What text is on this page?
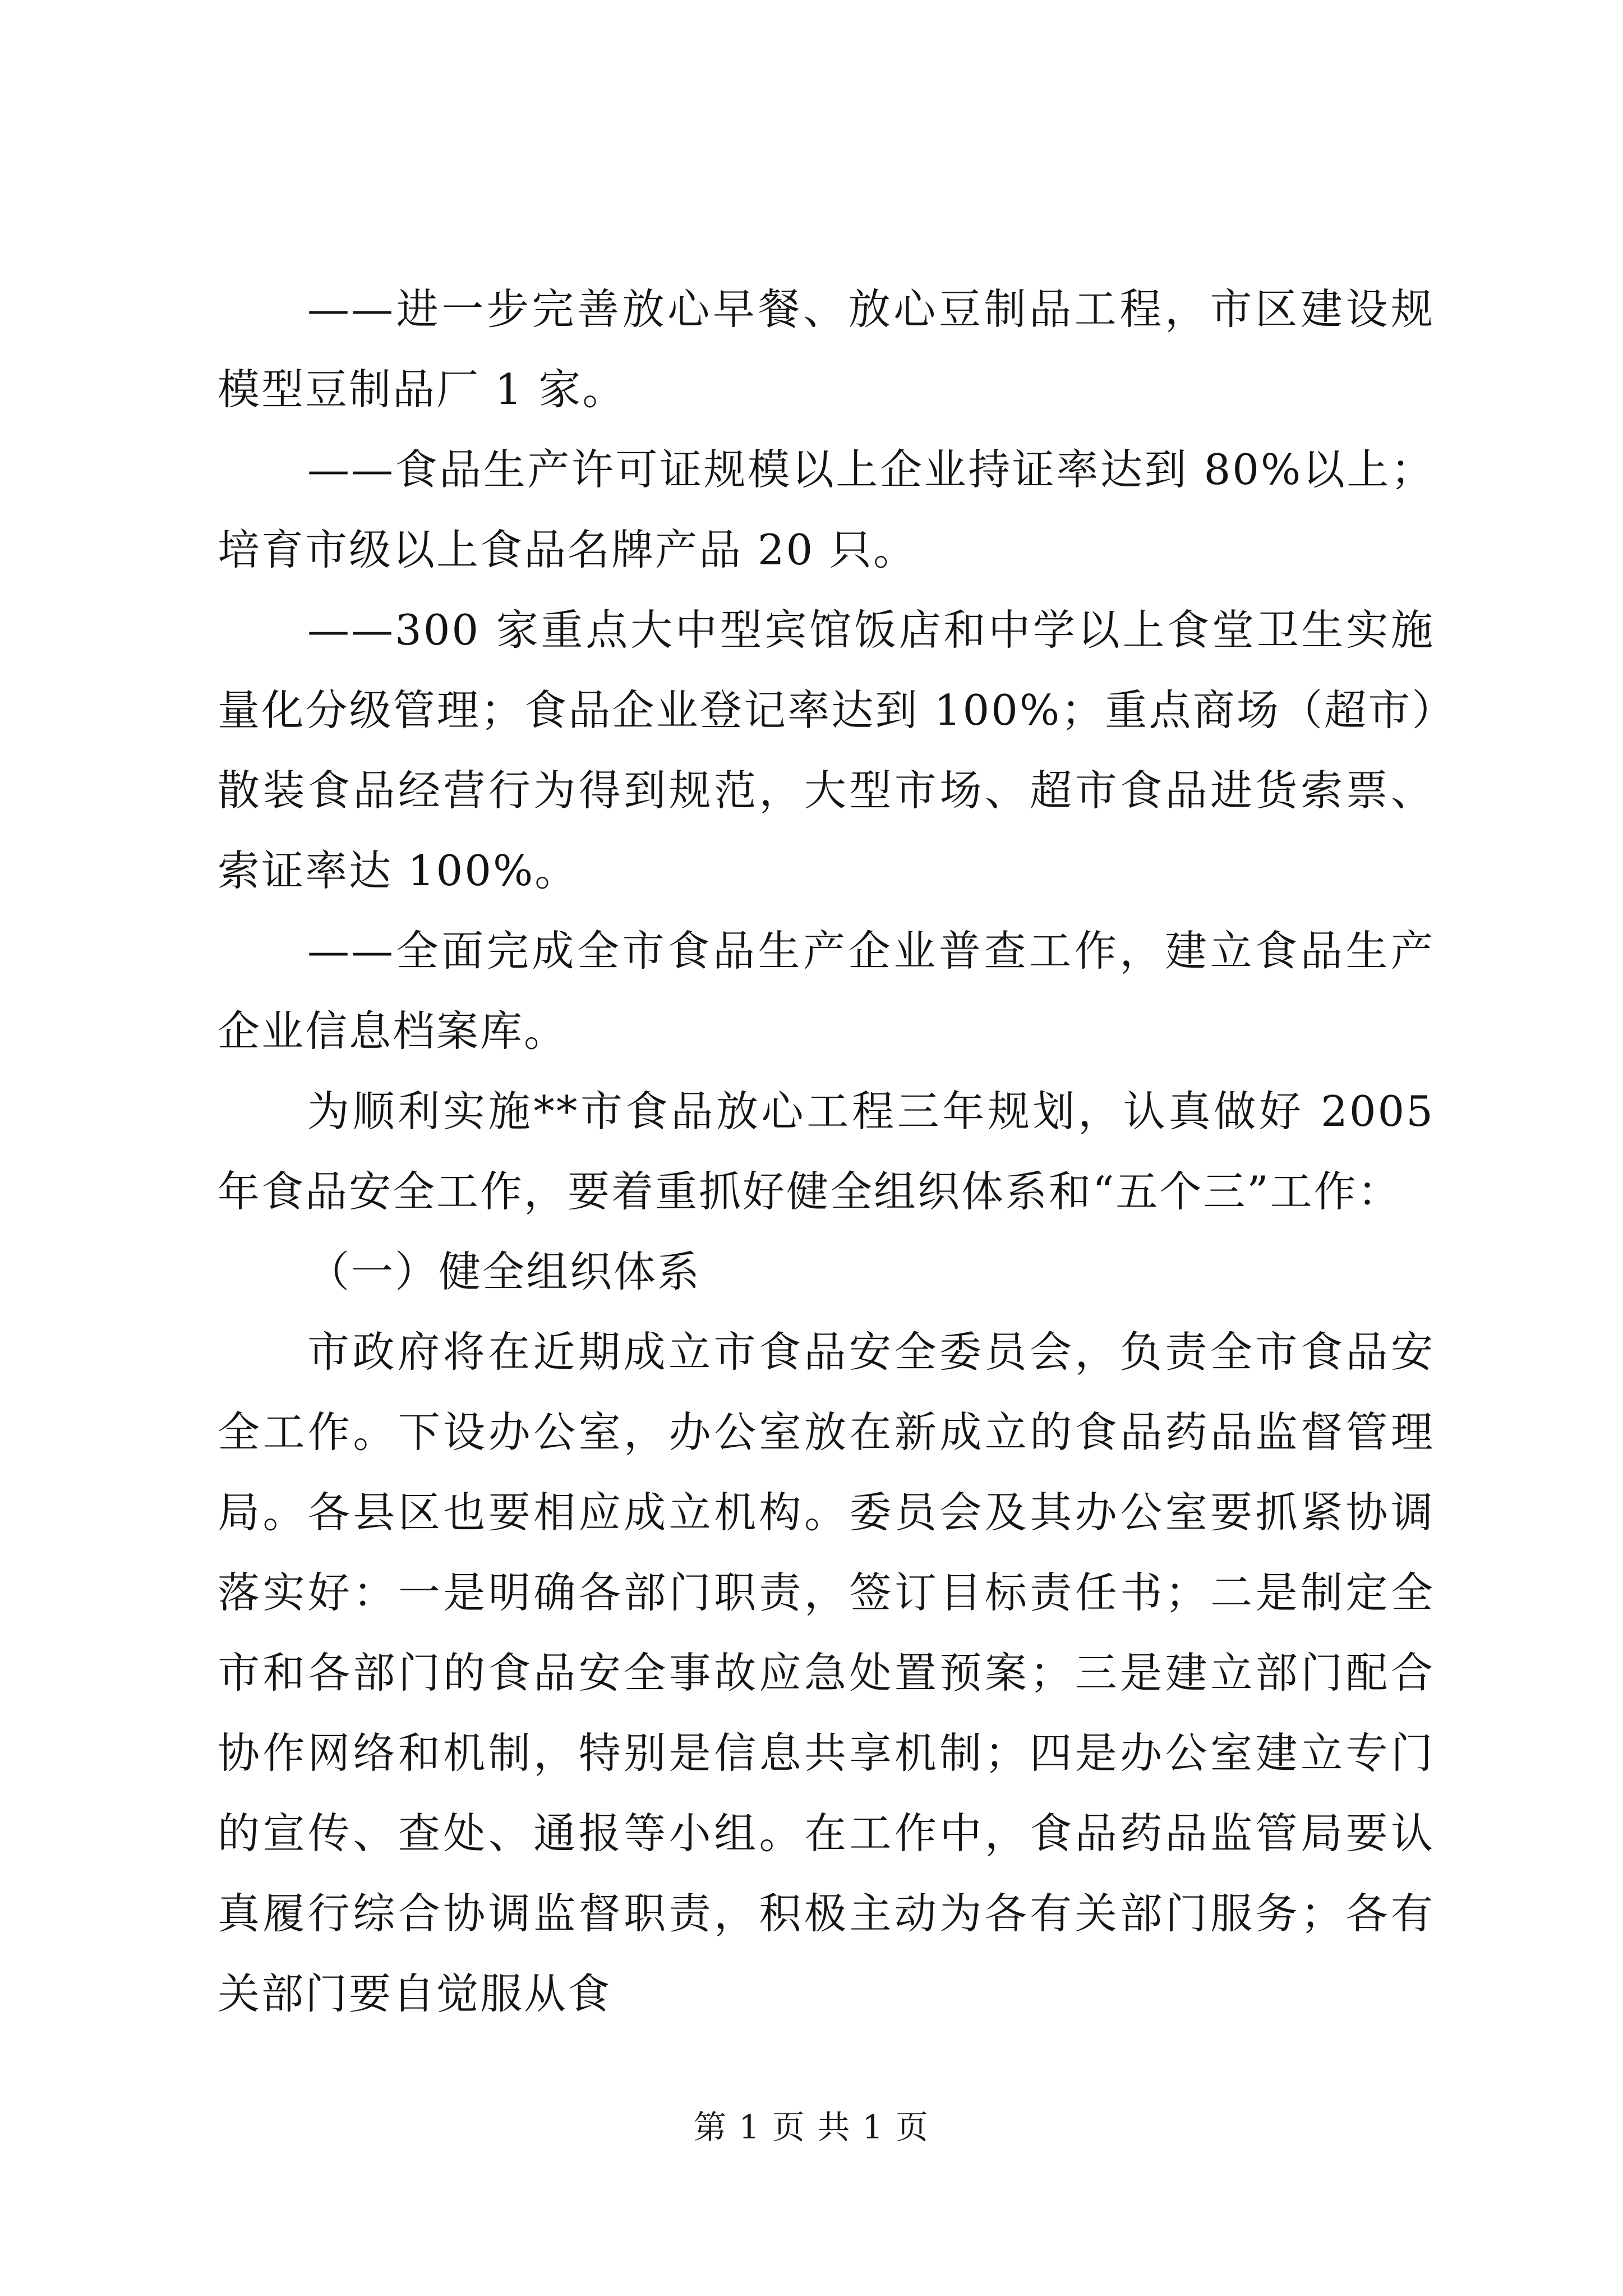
——进一步完善放心早餐、放心豆制品工程，市区建设规模型豆制品厂 1 家。

——食品生产许可证规模以上企业持证率达到 80%以上；培育市级以上食品名牌产品 20 只。

——300 家重点大中型宾馆饭店和中学以上食堂卫生实施量化分级管理；食品企业登记率达到 100%；重点商场（超市）散装食品经营行为得到规范，大型市场、超市食品进货索票、索证率达 100%。

——全面完成全市食品生产企业普查工作，建立食品生产企业信息档案库。

为顺利实施**市食品放心工程三年规划，认真做好 2005 年食品安全工作，要着重抓好健全组织体系和“五个三”工作：

（一）健全组织体系

市政府将在近期成立市食品安全委员会，负责全市食品安全工作。下设办公室，办公室放在新成立的食品药品监督管理局。各县区也要相应成立机构。委员会及其办公室要抓紧协调落实好：一是明确各部门职责，签订目标责任书；二是制定全市和各部门的食品安全事故应急处置预案；三是建立部门配合协作网络和机制，特别是信息共享机制；四是办公室建立专门的宣传、查处、通报等小组。在工作中，食品药品监管局要认真履行综合协调监督职责，积极主动为各有关部门服务；各有关部门要自觉服从食

第 1 页 共 1 页
